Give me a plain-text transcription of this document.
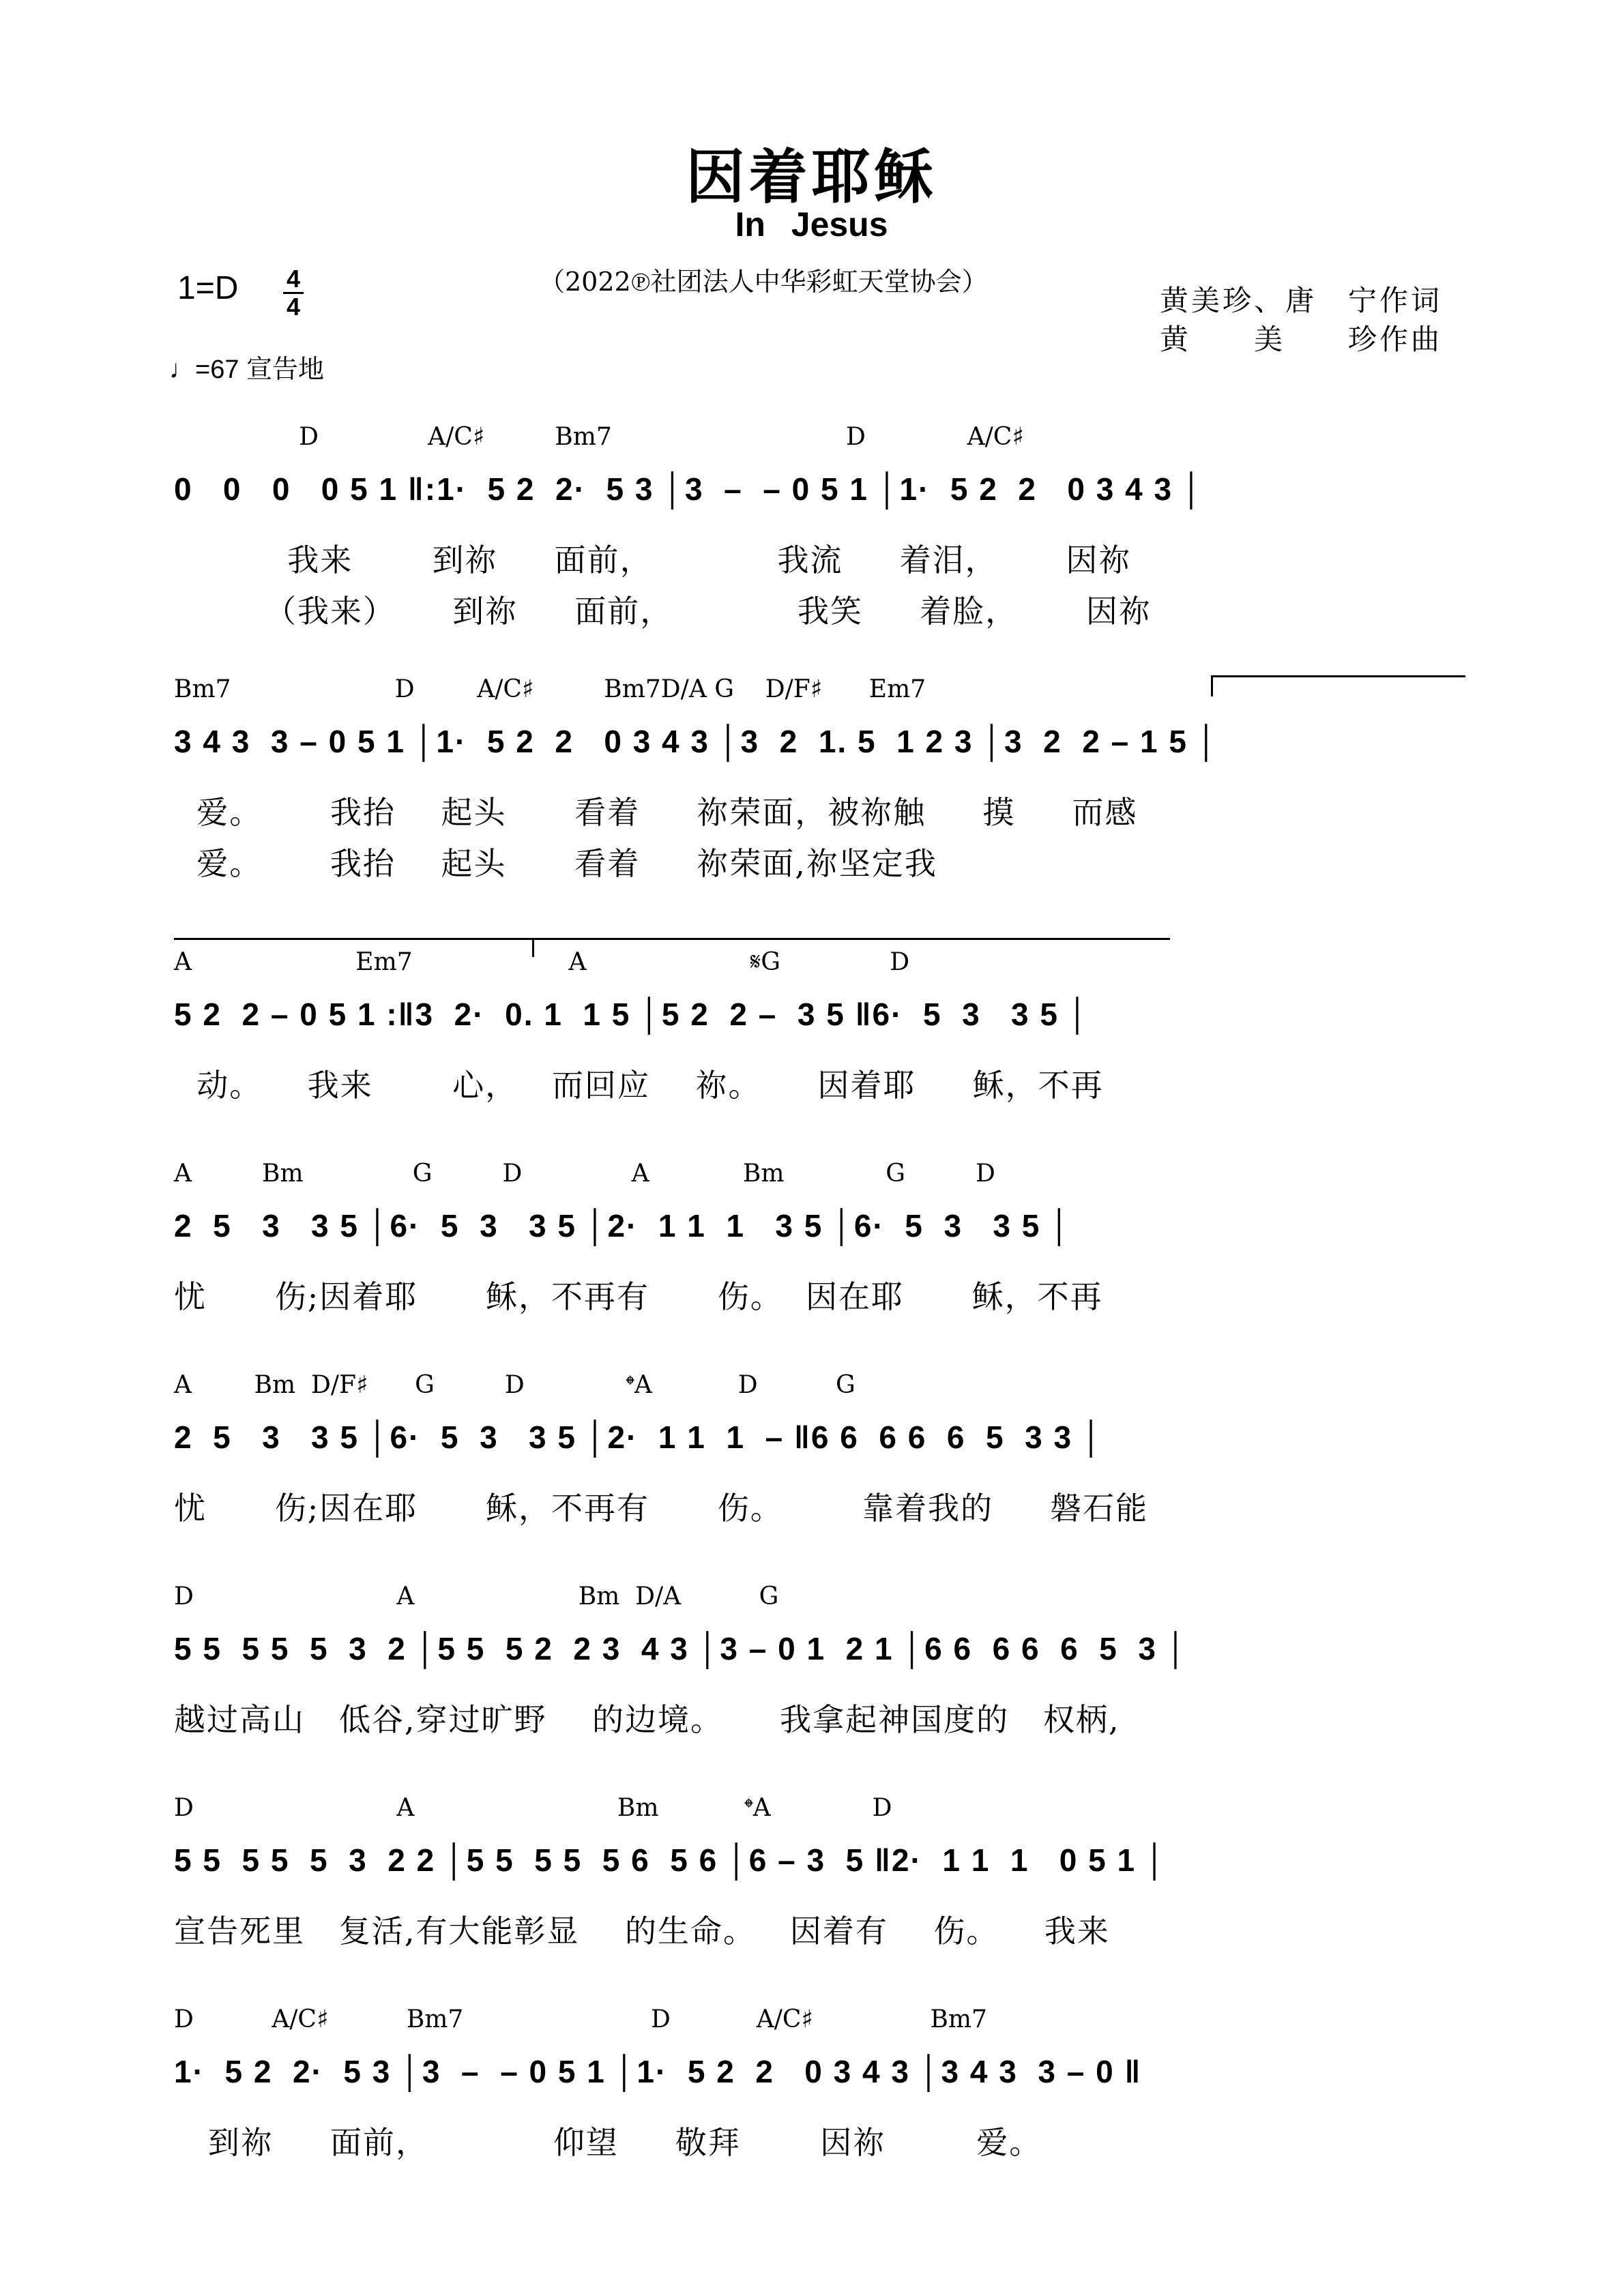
因着耶稣
In Jesus
（2022℗社团法人中华彩虹天堂协会）
1=D 4
4
♩=67 宣告地
黄美珍、唐　宁作词
黄　　美　　珍作曲
D              A/C♯         Bm7                              D             A/C♯
0   0   0   0 5 1 ‖:1·  5 2  2·  5 3 │3  –  – 0 5 1 │1·  5 2  2   0 3 4 3 │
我来       到祢     面前，           我流     着泪，      因祢
（我来）     到祢     面前，           我笑     着脸，      因祢
Bm7                     D        A/C♯         Bm7D/A G    D/F♯      Em7
3 4 3  3 – 0 5 1 │1·  5 2  2   0 3 4 3 │3  2  1. 5  1 2 3 │3  2  2 – 1 5 │
爱。      我抬    起头      看着     祢荣面，被祢触     摸     而感
爱。      我抬    起头      看着     祢荣面,祢坚定我
A                     Em7                    A                     𝄋G              D
5 2  2 – 0 5 1 :‖3  2·  0. 1  1 5 │5 2  2 –  3 5 ‖6·  5  3   3 5 │
动。    我来       心，   而回应    祢。     因着耶     稣，不再
A         Bm              G         D              A            Bm             G         D
2  5   3   3 5 │6·  5  3   3 5 │2·  1 1  1   3 5 │6·  5  3   3 5 │
忧      伤;因着耶      稣，不再有      伤。  因在耶      稣，不再
A        Bm  D/F♯      G         D             𝄌A           D          G
2  5   3   3 5 │6·  5  3   3 5 │2·  1 1  1  – ‖6 6  6 6  6  5  3 3 │
忧      伤;因在耶      稣，不再有      伤。       靠着我的     磐石能
D                          A                     Bm  D/A          G
5 5  5 5  5  3  2 │5 5  5 2  2 3  4 3 │3 – 0 1  2 1 │6 6  6 6  6  5  3 │
越过高山   低谷,穿过旷野    的边境。     我拿起神国度的   权柄,
D                          A                          Bm           𝄌A             D
5 5  5 5  5  3  2 2 │5 5  5 5  5 6  5 6 │6 – 3  5 ‖2·  1 1  1   0 5 1 │
宣告死里   复活,有大能彰显    的生命。   因着有    伤。    我来
D          A/C♯          Bm7                        D           A/C♯               Bm7
1·  5 2  2·  5 3 │3  –  – 0 5 1 │1·  5 2  2   0 3 4 3 │3 4 3  3 – 0 ‖
到祢     面前，           仰望     敬拜       因祢        爱。
